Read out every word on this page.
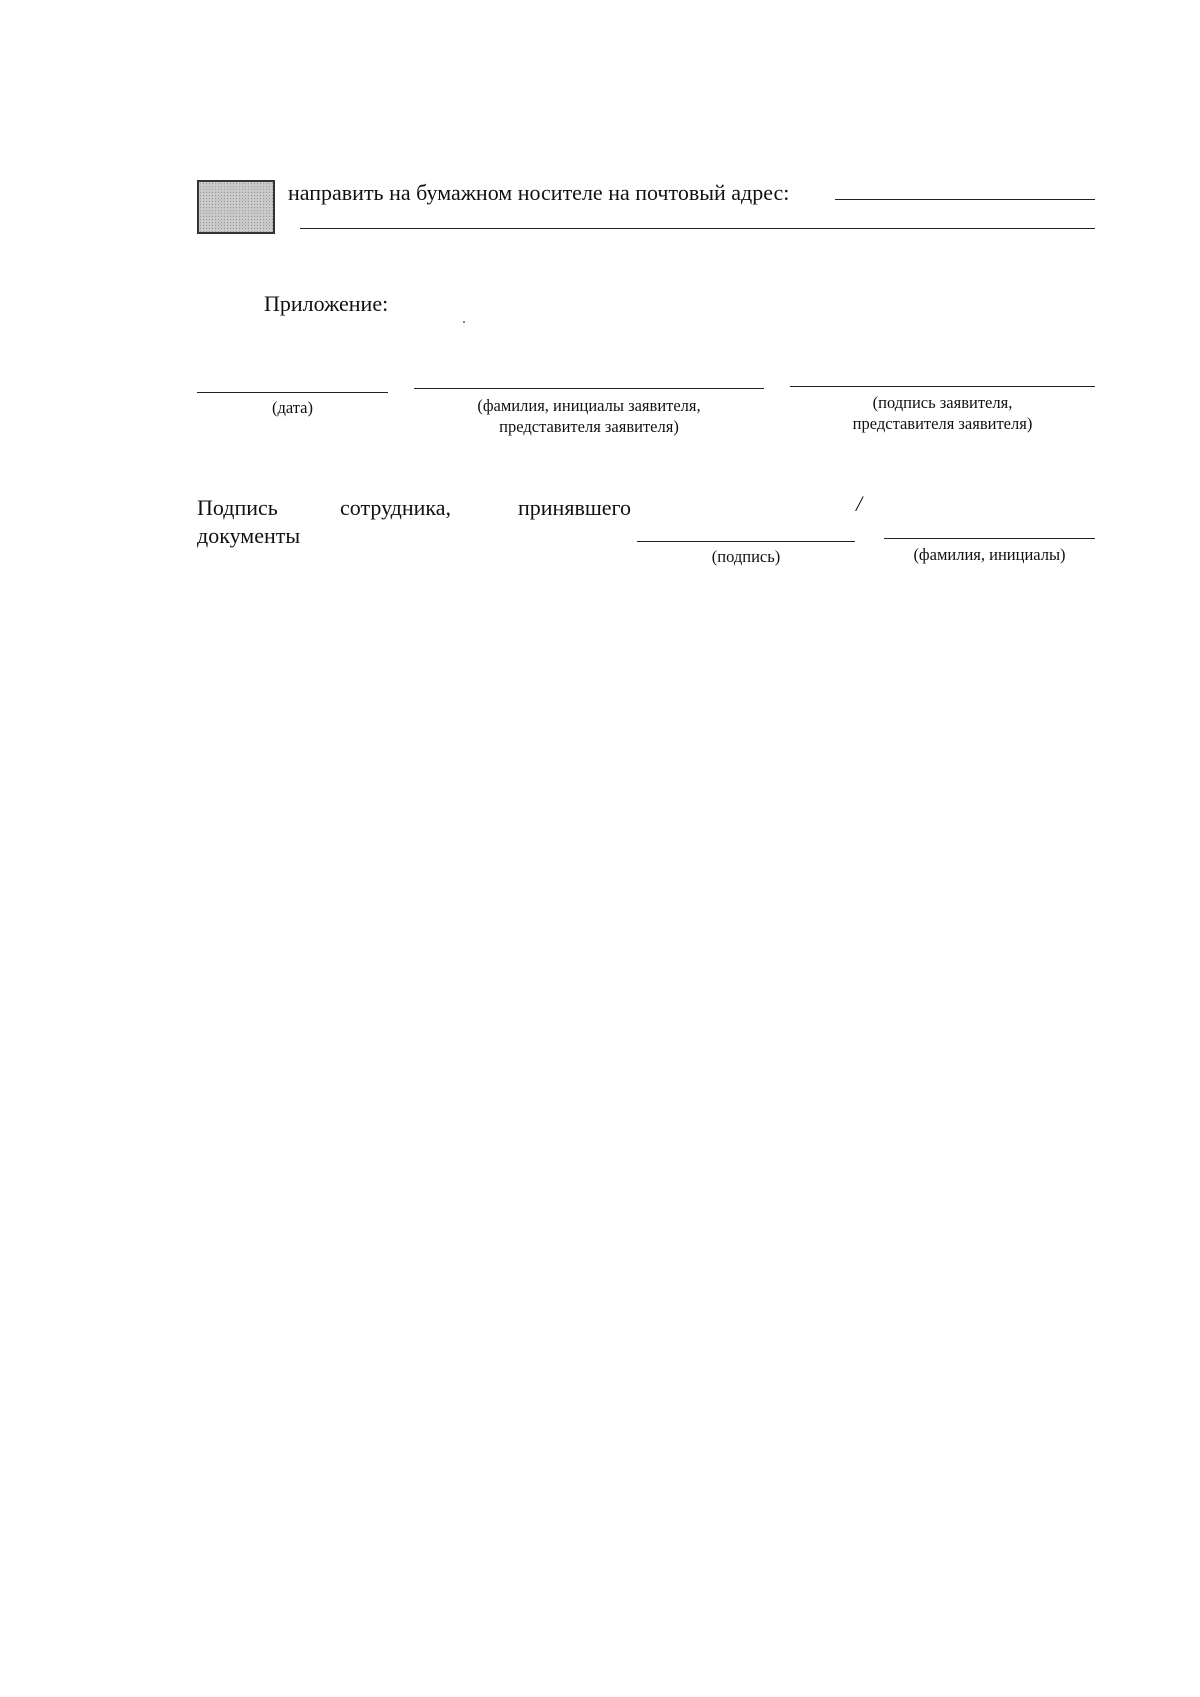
направить на бумажном носителе на почтовый адрес:
Приложение:
(дата)	(фамилия, инициалы заявителя,
представителя заявителя)
(подпись заявителя,
представителя заявителя)
Подпись	сотрудника,	принявшего
документы
/
(подпись)	(фамилия, инициалы)
